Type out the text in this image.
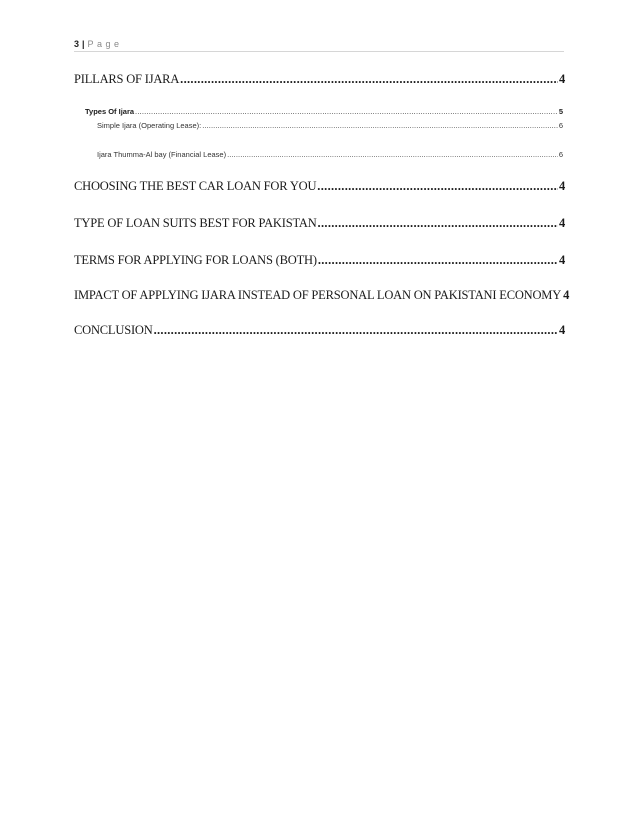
3 | Page
PILLARS OF IJARA .....	4
Types Of Ijara .....	5
Simple Ijara (Operating Lease): .....	6
Ijara Thumma-Al bay (Financial Lease) .....	6
CHOOSING THE BEST CAR LOAN FOR YOU .....	4
TYPE OF LOAN SUITS BEST FOR PAKISTAN .....	4
TERMS FOR APPLYING FOR LOANS (BOTH) .....	4
IMPACT OF APPLYING IJARA INSTEAD OF PERSONAL LOAN ON PAKISTANI ECONOMY 4
CONCLUSION .....	4
